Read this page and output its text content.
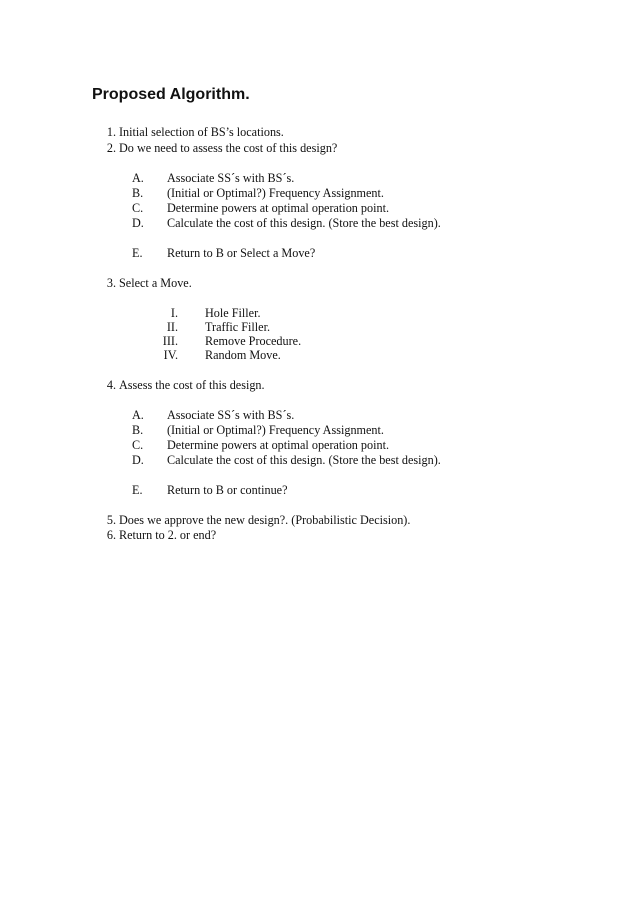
Proposed Algorithm.
1. Initial selection of BS’s locations.
2. Do we need to assess the cost of this design?
A. Associate SS´s with BS´s.
B. (Initial or Optimal?) Frequency Assignment.
C. Determine powers at optimal operation point.
D. Calculate the cost of this design. (Store the best design).
E. Return to B or Select a Move?
3. Select a Move.
I. Hole Filler.
II. Traffic Filler.
III. Remove Procedure.
IV. Random Move.
4. Assess the cost of this design.
A. Associate SS´s with BS´s.
B. (Initial or Optimal?) Frequency Assignment.
C. Determine powers at optimal operation point.
D. Calculate the cost of this design. (Store the best design).
E. Return to B or continue?
5. Does we approve the new design?. (Probabilistic Decision).
6. Return to 2. or end?
